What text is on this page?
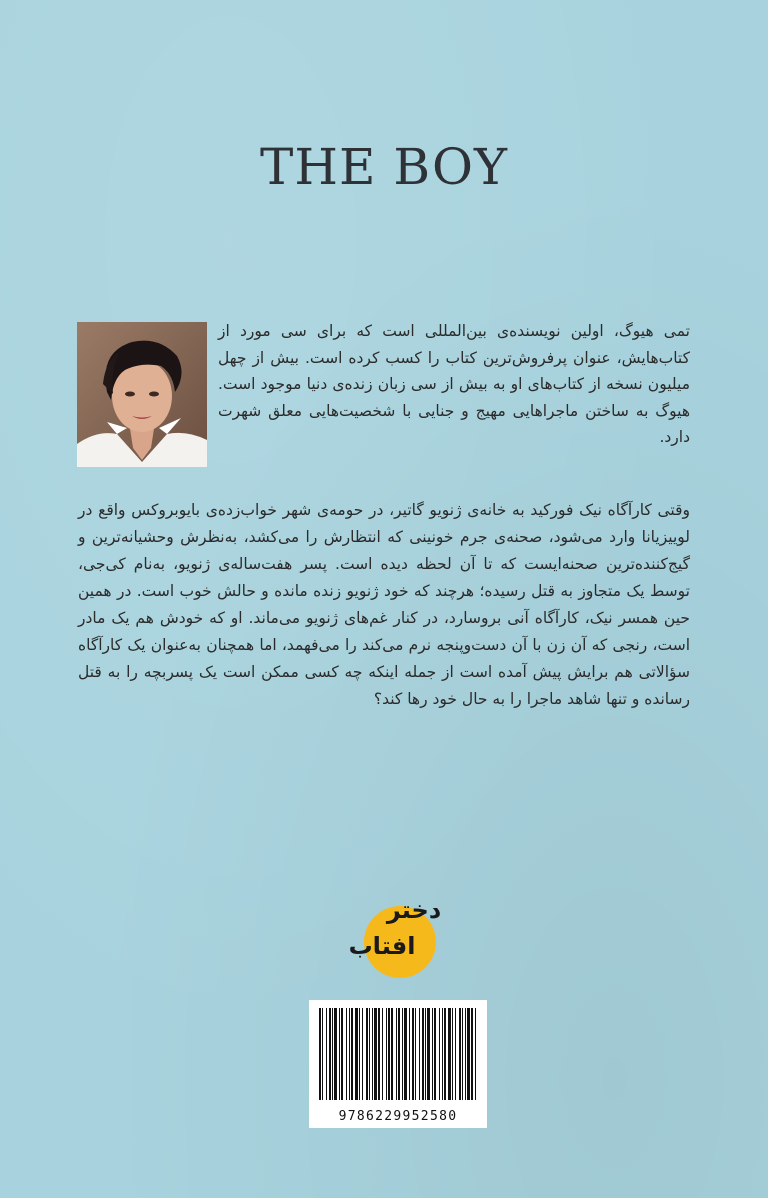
THE BOY
تمی هیوگ، اولین نویسنده‌ی بین‌المللی است که برای سی مورد از کتاب‌هایش، عنوان پرفروش‌ترین کتاب را کسب کرده است. بیش از چهل میلیون نسخه از کتاب‌های او به بیش از سی زبان زنده‌ی دنیا موجود است. هیوگ به ساختن ماجراهایی مهیج و جنایی با شخصیت‌هایی معلق شهرت دارد.
وقتی کارآگاه نیک فورکید به خانه‌ی ژنویو گاتیر، در حومه‌ی شهر خواب‌زده‌ی بایوبروکس واقع در لوییزیانا وارد می‌شود، صحنه‌ی جرم خونینی که انتظارش را می‌کشد، به‌نظرش وحشیانه‌ترین و گیج‌کننده‌ترین صحنه‌ایست که تا آن لحظه دیده است. پسر هفت‌ساله‌ی ژنویو، به‌نام کی‌جی، توسط یک متجاوز به قتل رسیده؛ هرچند که خود ژنویو زنده مانده و حالش خوب است. در همین حین همسر نیک، کارآگاه آنی بروسارد، در کنار غم‌های ژنویو می‌ماند. او که خودش هم یک مادر است، رنجی که آن زن با آن دست‌وپنجه نرم می‌کند را می‌فهمد، اما همچنان به‌عنوان یک کارآگاه سؤالاتی هم برایش پیش آمده است از جمله اینکه چه کسی ممکن است یک پسربچه را به قتل رسانده و تنها شاهد ماجرا را به حال خود رها کند؟
دختر
افتاب
9786229952580
